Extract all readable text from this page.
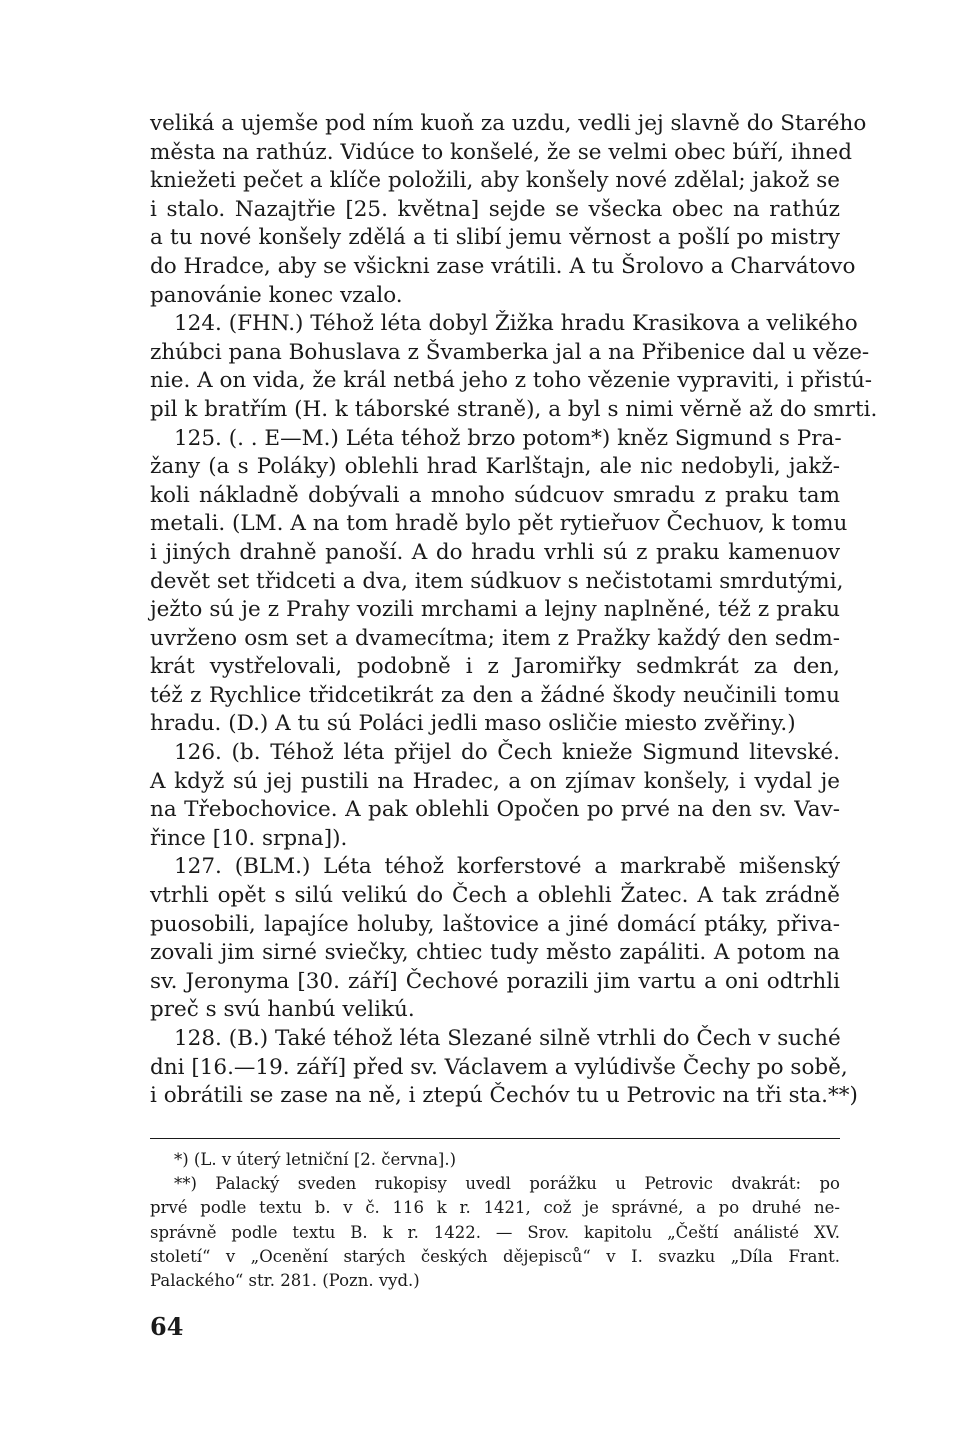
veliká a ujemše pod ním kuoň za uzdu, vedli jej slavně do Starého
města na rathúz. Vidúce to konšelé, že se velmi obec búří, ihned
kniežeti pečet a klíče položili, aby konšely nové zdělal; jakož se
i stalo. Nazajtřie [25. května] sejde se všecka obec na rathúz
a tu nové konšely zdělá a ti slibí jemu věrnost a pošlí po mistry
do Hradce, aby se všickni zase vrátili. A tu Šrolovo a Charvátovo
panovánie konec vzalo.
124. (FHN.) Téhož léta dobyl Žižka hradu Krasikova a velikého
zhúbci pana Bohuslava z Švamberka jal a na Přibenice dal u věze-
nie. A on vida, že král netbá jeho z toho vězenie vypraviti, i přistú-
pil k bratřím (H. k táborské straně), a byl s nimi věrně až do smrti.
125. (. . E—M.) Léta téhož brzo potom*) kněz Sigmund s Pra-
žany (a s Poláky) oblehli hrad Karlštajn, ale nic nedobyli, jakž-
koli nákladně dobývali a mnoho súdcuov smradu z praku tam
metali. (LM. A na tom hradě bylo pět rytieřuov Čechuov, k tomu
i jiných drahně panoší. A do hradu vrhli sú z praku kamenuov
devět set třidceti a dva, item súdkuov s nečistotami smrdutými,
ježto sú je z Prahy vozili mrchami a lejny naplněné, též z praku
uvrženo osm set a dvamecítma; item z Pražky každý den sedm-
krát vystřelovali, podobně i z Jaromiřky sedmkrát za den,
též z Rychlice třidcetikrát za den a žádné škody neučinili tomu
hradu. (D.) A tu sú Poláci jedli maso osličie miesto zvěřiny.)
126. (b. Téhož léta přijel do Čech knieže Sigmund litevské.
A když sú jej pustili na Hradec, a on zjímav konšely, i vydal je
na Třebochovice. A pak oblehli Opočen po prvé na den sv. Vav-
řince [10. srpna]).
127. (BLM.) Léta téhož korferstové a markrabě mišenský
vtrhli opět s silú velikú do Čech a oblehli Žatec. A tak zrádně
puosobili, lapajíce holuby, laštovice a jiné domácí ptáky, přiva-
zovali jim sirné sviečky, chtiec tudy město zapáliti. A potom na
sv. Jeronyma [30. září] Čechové porazili jim vartu a oni odtrhli
preč s svú hanbú velikú.
128. (B.) Také téhož léta Slezané silně vtrhli do Čech v suché
dni [16.—19. září] před sv. Václavem a vylúdivše Čechy po sobě,
i obrátili se zase na ně, i ztepú Čechóv tu u Petrovic na tři sta.**)
*) (L. v úterý letniční [2. června].)
**) Palacký sveden rukopisy uvedl porážku u Petrovic dvakrát: po
prvé podle textu b. v č. 116 k r. 1421, což je správné, a po druhé ne-
správně podle textu B. k r. 1422. — Srov. kapitolu „Čeští análisté XV.
století“ v „Ocenění starých českých dějepisců“ v I. svazku „Díla Frant.
Palackého“ str. 281. (Pozn. vyd.)
64
